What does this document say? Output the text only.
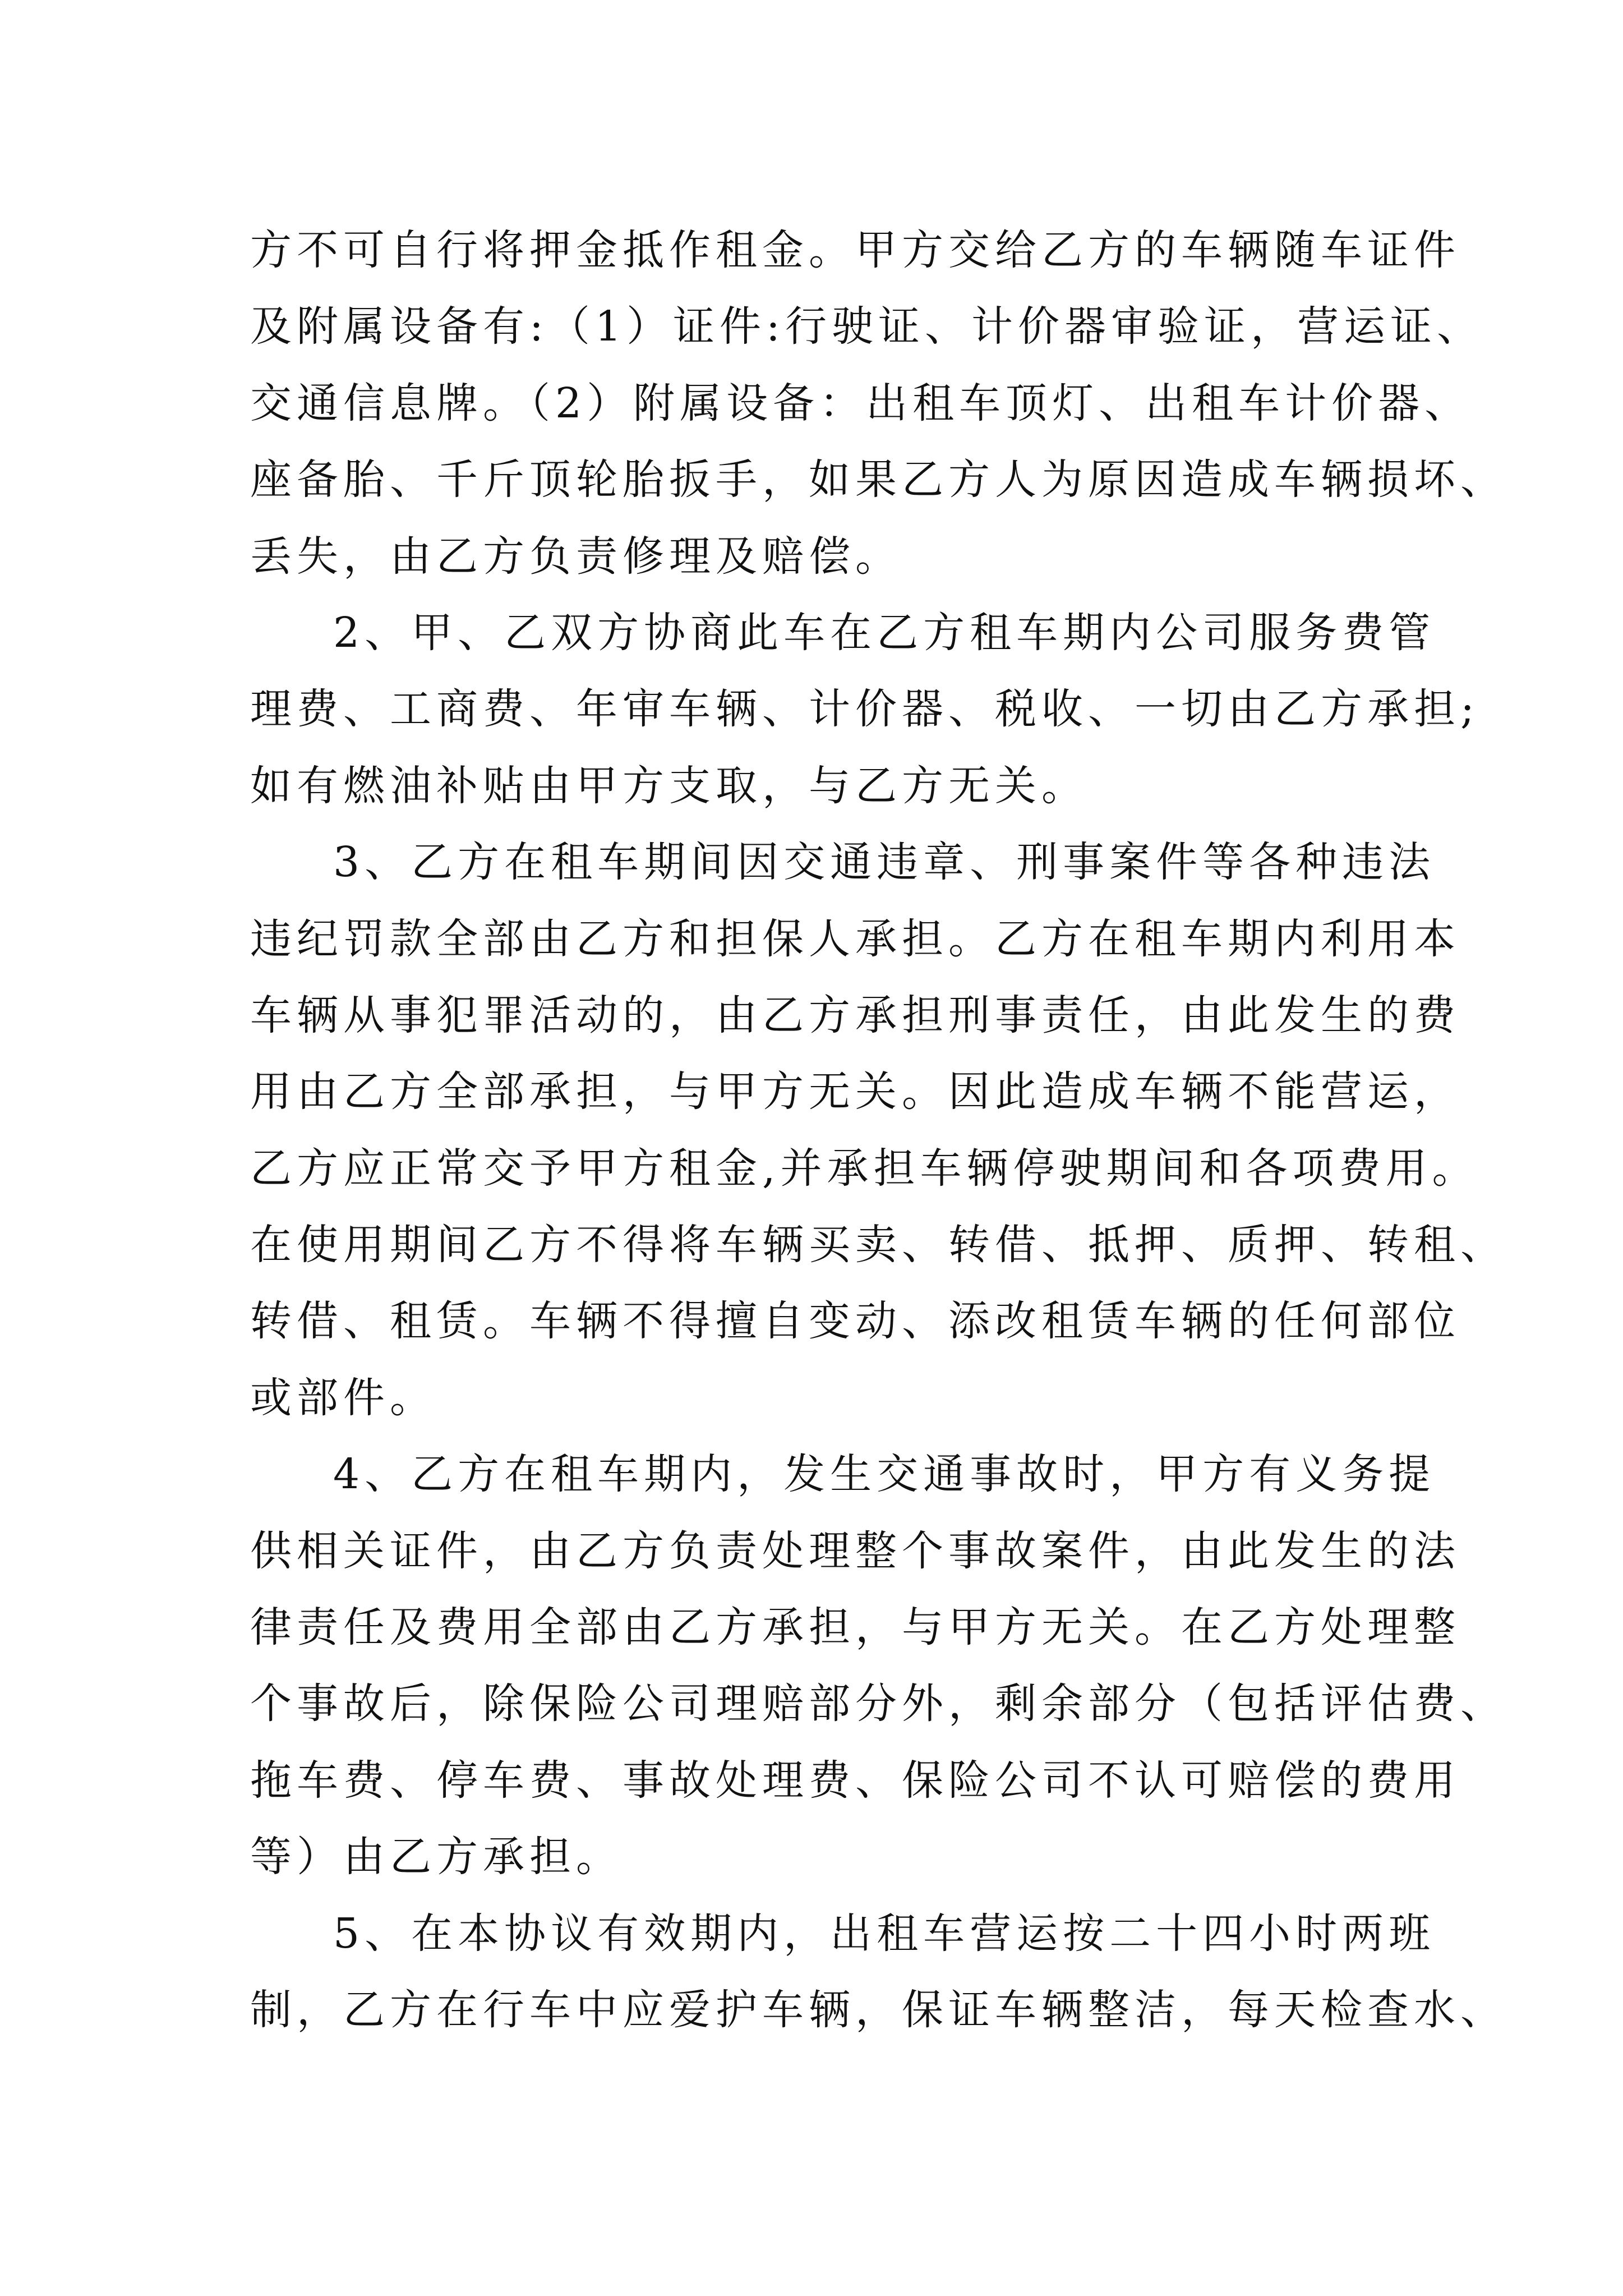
方不可自行将押金抵作租金。甲方交给乙方的车辆随车证件
及附属设备有:（1）证件:行驶证、计价器审验证，营运证、
交通信息牌。（2）附属设备：出租车顶灯、出租车计价器、
座备胎、千斤顶轮胎扳手，如果乙方人为原因造成车辆损坏、
丢失，由乙方负责修理及赔偿。
2、甲、乙双方协商此车在乙方租车期内公司服务费管
理费、工商费、年审车辆、计价器、税收、一切由乙方承担;
如有燃油补贴由甲方支取，与乙方无关。
3、乙方在租车期间因交通违章、刑事案件等各种违法
违纪罚款全部由乙方和担保人承担。乙方在租车期内利用本
车辆从事犯罪活动的，由乙方承担刑事责任，由此发生的费
用由乙方全部承担，与甲方无关。因此造成车辆不能营运，
乙方应正常交予甲方租金,并承担车辆停驶期间和各项费用。
在使用期间乙方不得将车辆买卖、转借、抵押、质押、转租、
转借、租赁。车辆不得擅自变动、添改租赁车辆的任何部位
或部件。
4、乙方在租车期内，发生交通事故时，甲方有义务提
供相关证件，由乙方负责处理整个事故案件，由此发生的法
律责任及费用全部由乙方承担，与甲方无关。在乙方处理整
个事故后，除保险公司理赔部分外，剩余部分（包括评估费、
拖车费、停车费、事故处理费、保险公司不认可赔偿的费用
等）由乙方承担。
5、在本协议有效期内，出租车营运按二十四小时两班
制，乙方在行车中应爱护车辆，保证车辆整洁，每天检查水、
